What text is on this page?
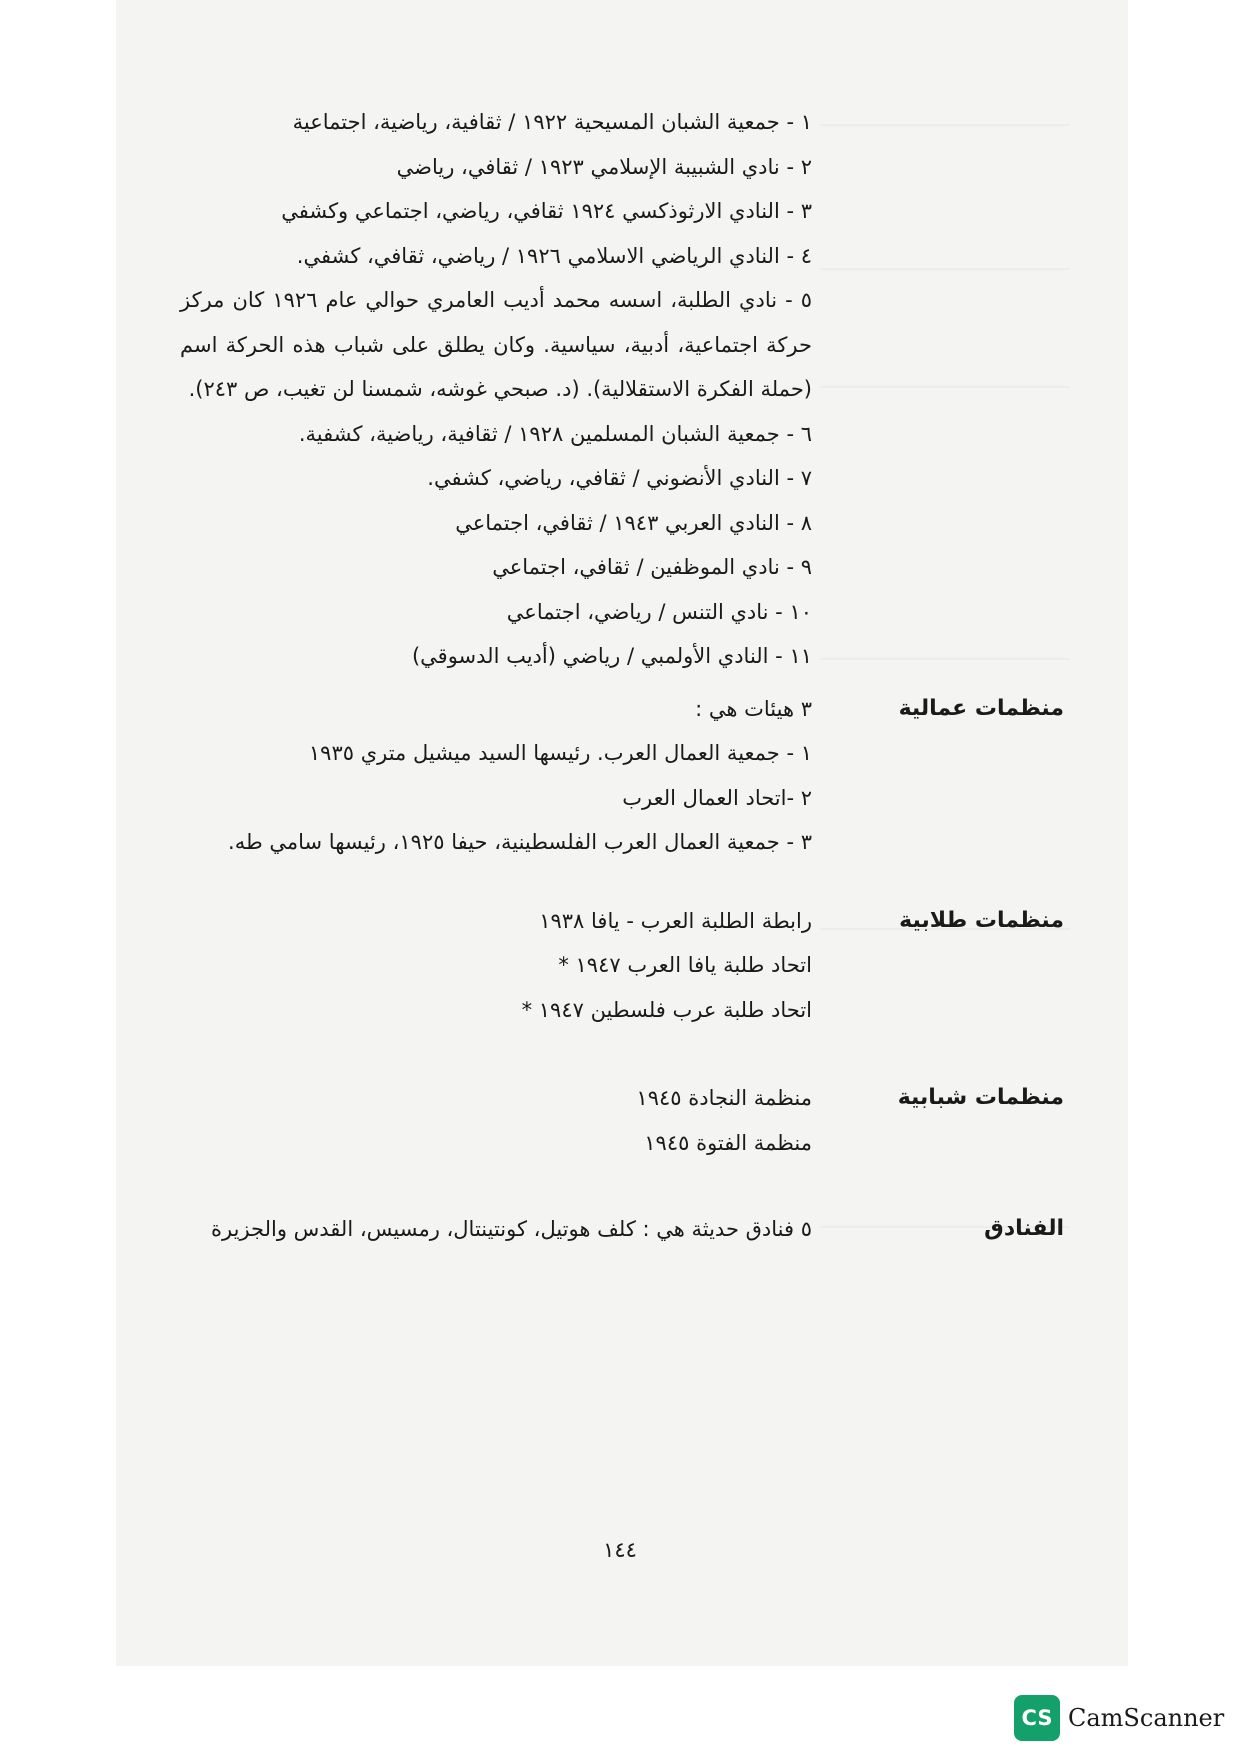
١ - جمعية الشبان المسيحية ١٩٢٢ / ثقافية، رياضية، اجتماعية
٢ - نادي الشبيبة الإسلامي ١٩٢٣ / ثقافي، رياضي
٣ - النادي الارثوذكسي ١٩٢٤ ثقافي، رياضي، اجتماعي وكشفي
٤ - النادي الرياضي الاسلامي ١٩٢٦ / رياضي، ثقافي، كشفي.
٥ - نادي الطلبة، اسسه محمد أديب العامري حوالي عام ١٩٢٦ كان مركز حركة اجتماعية، أدبية، سياسية. وكان يطلق على شباب هذه الحركة اسم (حملة الفكرة الاستقلالية). (د. صبحي غوشه، شمسنا لن تغيب، ص ٢٤٣).
٦ - جمعية الشبان المسلمين ١٩٢٨ / ثقافية، رياضية، كشفية.
٧ - النادي الأنضوني / ثقافي، رياضي، كشفي.
٨ - النادي العربي ١٩٤٣ / ثقافي، اجتماعي
٩ - نادي الموظفين / ثقافي، اجتماعي
١٠ - نادي التنس / رياضي، اجتماعي
١١ - النادي الأولمبي / رياضي (أديب الدسوقي)
منظمات عمالية
٣ هيئات هي :
١ - جمعية العمال العرب. رئيسها السيد ميشيل متري ١٩٣٥
٢ -اتحاد العمال العرب
٣ - جمعية العمال العرب الفلسطينية، حيفا ١٩٢٥، رئيسها سامي طه.
منظمات طلابية
رابطة الطلبة العرب - يافا ١٩٣٨
اتحاد طلبة يافا العرب ١٩٤٧ *
اتحاد طلبة عرب فلسطين ١٩٤٧ *
منظمات شبابية
منظمة النجادة ١٩٤٥
منظمة الفتوة ١٩٤٥
الفنادق
٥ فنادق حديثة هي : كلف هوتيل، كونتينتال، رمسيس، القدس والجزيرة
١٤٤
CS CamScanner
